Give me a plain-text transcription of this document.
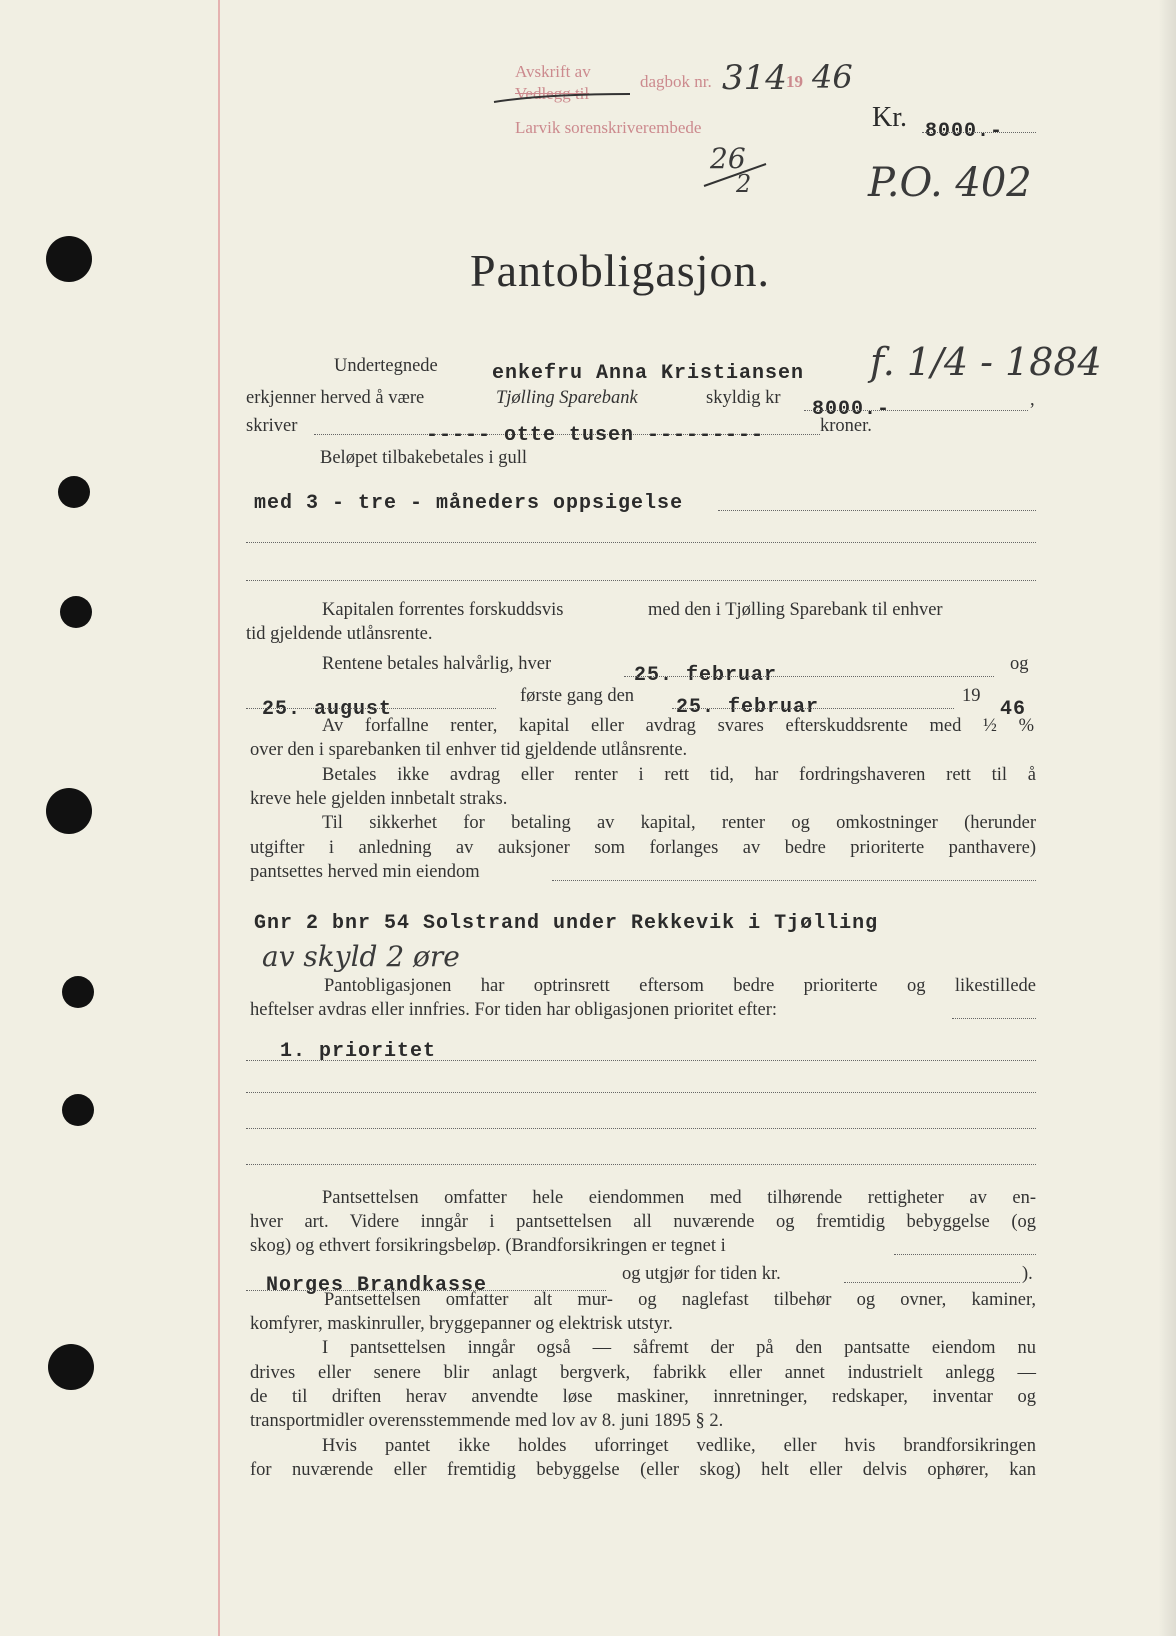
Avskrift av
Vedlegg til
dagbok nr. 314 19 46
Larvik sorenskriverembede
26
2
Kr. 8000.-
P.O. 402
Pantobligasjon.
Undertegnede	enkefru Anna Kristiansen f. 1/4 - 1884
erkjenner herved å være	Tjølling Sparebank	skyldig kr 8000.-	,
skriver	----- otte tusen ---------	kroner.
Beløpet tilbakebetales i gull
med 3 - tre - måneders oppsigelse
Kapitalen forrentes forskuddsvis	med den i Tjølling Sparebank til enhver
tid gjeldende utlånsrente.
Rentene betales halvårlig, hver	25. februar	og
25. august
første gang den 25. februar	19
46
Av forfallne renter, kapital eller avdrag svares efterskuddsrente med ½ %
over den i sparebanken til enhver tid gjeldende utlånsrente.
Betales ikke avdrag eller renter i rett tid, har fordringshaveren rett til å
kreve hele gjelden innbetalt straks.
Til sikkerhet for betaling av kapital, renter og omkostninger (herunder
utgifter i anledning av auksjoner som forlanges av bedre prioriterte panthavere)
pantsettes herved min eiendom
Gnr 2 bnr 54 Solstrand under Rekkevik i Tjølling
av skyld 2 øre
Pantobligasjonen har optrinsrett eftersom bedre prioriterte og likestillede
heftelser avdras eller innfries. For tiden har obligasjonen prioritet efter:
1. prioritet
Pantsettelsen omfatter hele eiendommen med tilhørende rettigheter av en-
hver art. Videre inngår i pantsettelsen all nuværende og fremtidig bebyggelse (og
skog) og ethvert forsikringsbeløp. (Brandforsikringen er tegnet i
Norges Brandkasse	og utgjør for tiden kr.	).
Pantsettelsen omfatter alt mur- og naglefast tilbehør og ovner, kaminer,
komfyrer, maskinruller, bryggepanner og elektrisk utstyr.
I pantsettelsen inngår også — såfremt der på den pantsatte eiendom nu
drives eller senere blir anlagt bergverk, fabrikk eller annet industrielt anlegg —
de til driften herav anvendte løse maskiner, innretninger, redskaper, inventar og
transportmidler overensstemmende med lov av 8. juni 1895 § 2.
Hvis pantet ikke holdes uforringet vedlike, eller hvis brandforsikringen
for nuværende eller fremtidig bebyggelse (eller skog) helt eller delvis ophører, kan
